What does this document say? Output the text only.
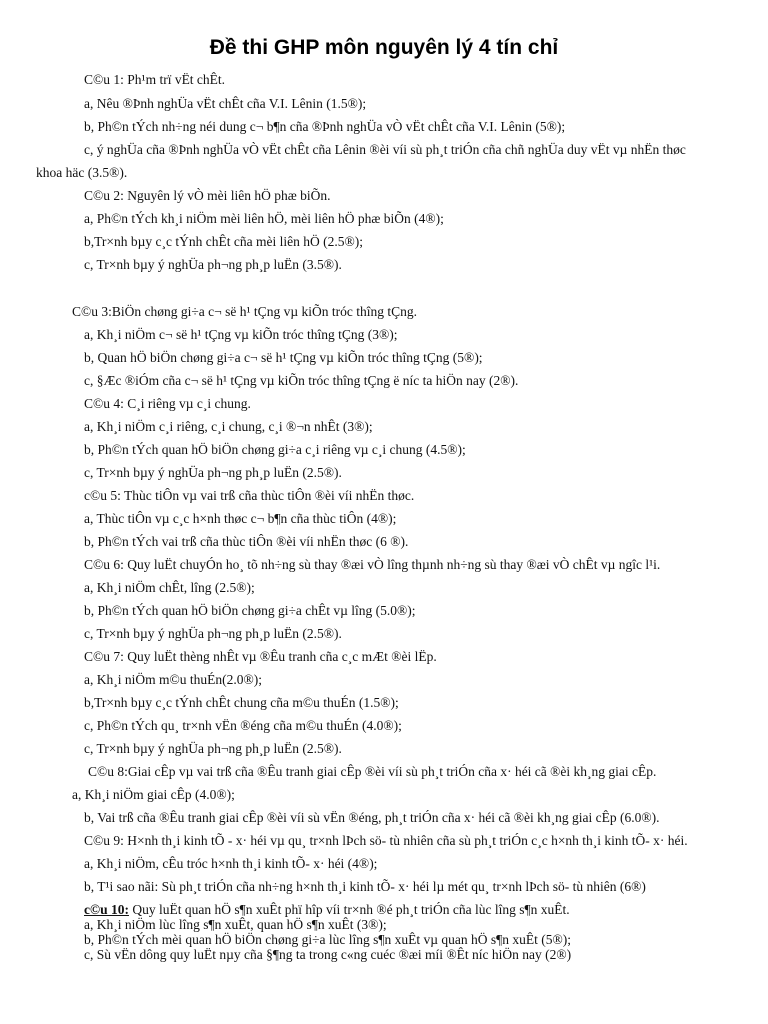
Đề thi GHP môn nguyên lý 4 tín chỉ
C©u 1: Ph¹m trï vËt chÊt.
a, Nêu ®Þnh nghÜa vËt chÊt cña V.I. Lênin (1.5®);
b, Ph©n tÝch nh÷ng néi dung c¬ b¶n cña ®Þnh nghÜa vÒ vËt chÊt cña V.I. Lênin (5®);
c, ý nghÜa cña ®Þnh nghÜa vÒ vËt chÊt cña Lênin ®èi víi sù ph¸t triÓn cña chñ nghÜa duy vËt vµ nhËn thøc
khoa häc (3.5®).
C©u 2: Nguyên lý vÒ mèi liên hÖ phæ biÕn.
a, Ph©n tÝch kh¸i niÖm mèi liên hÖ, mèi liên hÖ phæ biÕn (4®);
b,Tr×nh bµy c¸c tÝnh chÊt cña mèi liên hÖ (2.5®);
c, Tr×nh bµy ý nghÜa ph¬ng ph¸p luËn (3.5®).
C©u 3:BiÖn chøng gi÷a c¬ së h¹ tÇng vµ kiÕn tróc thîng tÇng.
a, Kh¸i niÖm c¬ së h¹ tÇng vµ kiÕn tróc thîng tÇng (3®);
b, Quan hÖ biÖn chøng gi÷a c¬ së h¹ tÇng vµ kiÕn tróc thîng tÇng (5®);
c, §Æc ®iÓm cña c¬ së h¹ tÇng vµ kiÕn tróc thîng tÇng ë níc ta hiÖn nay (2®).
C©u 4: C¸i riêng vµ c¸i chung.
a, Kh¸i niÖm c¸i riêng, c¸i chung, c¸i ®¬n nhÊt (3®);
b, Ph©n tÝch quan hÖ biÖn chøng gi÷a c¸i riêng vµ c¸i chung (4.5®);
c, Tr×nh bµy ý nghÜa ph¬ng ph¸p luËn (2.5®).
c©u 5: Thùc tiÔn vµ vai trß cña thùc tiÔn ®èi víi nhËn thøc.
a, Thùc tiÔn vµ c¸c h×nh thøc c¬ b¶n cña thùc tiÔn (4®);
b, Ph©n tÝch vai trß cña thùc tiÔn ®èi víi nhËn thøc (6 ®).
C©u 6: Quy luËt chuyÓn ho¸ tõ nh÷ng sù thay ®æi vÒ lîng thµnh nh÷ng sù thay ®æi vÒ chÊt vµ ngîc l¹i.
a, Kh¸i niÖm chÊt, lîng (2.5®);
b, Ph©n tÝch quan hÖ biÖn chøng gi÷a chÊt vµ lîng (5.0®);
c, Tr×nh bµy ý nghÜa ph¬ng ph¸p luËn (2.5®).
C©u 7: Quy luËt thèng nhÊt vµ ®Êu tranh cña c¸c mÆt ®èi lËp.
a, Kh¸i niÖm m©u thuÉn(2.0®);
b,Tr×nh bµy c¸c tÝnh chÊt chung cña m©u thuÉn (1.5®);
c, Ph©n tÝch qu¸ tr×nh vËn ®éng cña m©u thuÉn (4.0®);
c, Tr×nh bµy ý nghÜa ph¬ng ph¸p luËn (2.5®).
C©u 8:Giai cÊp vµ vai trß cña ®Êu tranh giai cÊp ®èi víi sù ph¸t triÓn cña x· héi cã ®èi kh¸ng giai cÊp.
a, Kh¸i niÖm giai cÊp (4.0®);
b, Vai trß cña ®Êu tranh giai cÊp ®èi víi sù vËn ®éng, ph¸t triÓn cña x· héi cã ®èi kh¸ng giai cÊp (6.0®).
C©u 9: H×nh th¸i kinh tÕ - x· héi vµ qu¸ tr×nh lÞch sö- tù nhiên cña sù ph¸t triÓn c¸c h×nh th¸i kinh tÕ- x· héi.
a, Kh¸i niÖm, cÊu tróc h×nh th¸i kinh tÕ- x· héi (4®);
b, T¹i sao nãi: Sù ph¸t triÓn cña nh÷ng h×nh th¸i kinh tÕ- x· héi lµ mét qu¸ tr×nh lÞch sö- tù nhiên (6®)
c©u 10: Quy luËt quan hÖ s¶n xuÊt phï hîp víi tr×nh ®é ph¸t triÓn cña lùc lîng s¶n xuÊt.
a, Kh¸i niÖm lùc lîng s¶n xuÊt, quan hÖ s¶n xuÊt (3®);
b, Ph©n tÝch mèi quan hÖ biÖn chøng gi÷a lùc lîng s¶n xuÊt vµ quan hÖ s¶n xuÊt (5®);
c, Sù vËn dông quy luËt nµy cña §¶ng ta trong c«ng cuéc ®æi míi ®Êt níc hiÖn nay (2®)
